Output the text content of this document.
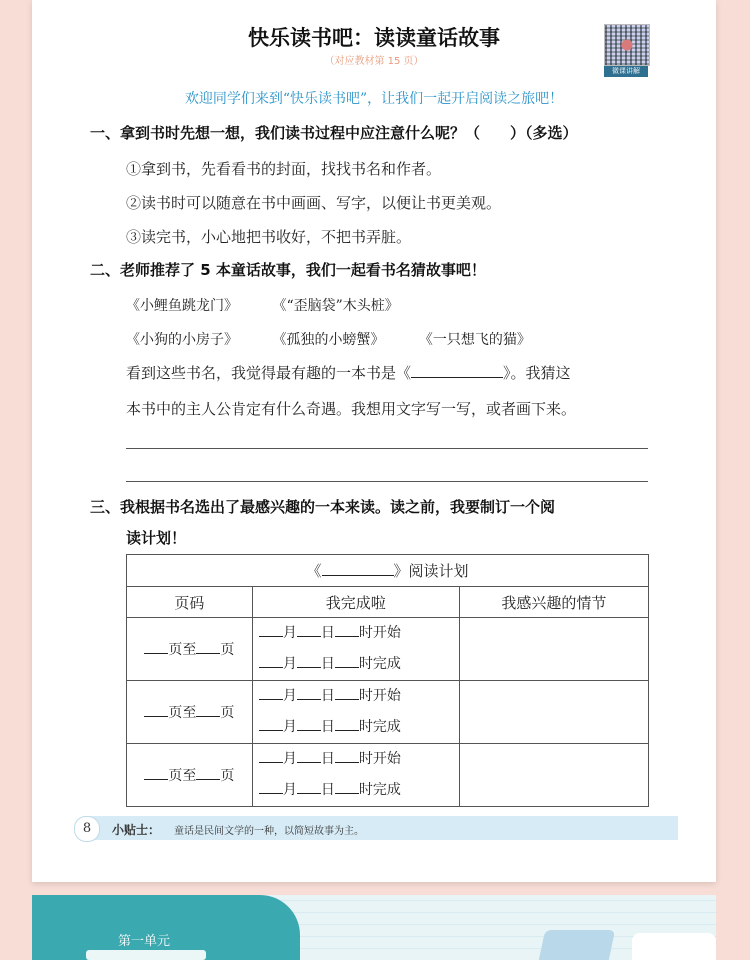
快乐读书吧：读读童话故事
（对应教材第 15 页）
微课讲解
欢迎同学们来到“快乐读书吧”，让我们一起开启阅读之旅吧！
一、拿到书时先想一想，我们读书过程中应注意什么呢？（　　）（多选）
①拿到书，先看看书的封面，找找书名和作者。
②读书时可以随意在书中画画、写字，以便让书更美观。
③读完书，小心地把书收好，不把书弄脏。
二、老师推荐了 5 本童话故事，我们一起看书名猜故事吧！
《小鲤鱼跳龙门》 《“歪脑袋”木头桩》
《小狗的小房子》 《孤独的小螃蟹》 《一只想飞的猫》
看到这些书名，我觉得最有趣的一本书是《	》。我猜这
本书中的主人公肯定有什么奇遇。我想用文字写一写，或者画下来。
三、我根据书名选出了最感兴趣的一本来读。读之前，我要制订一个阅
读计划！
《 》阅读计划		
页码	我完成啦	我感兴趣的情节
页至 页	月 日 时开始
月 日 时完成	

页至 页	月 日 时开始
月 日 时完成	

页至 页	月 日 时开始
月 日 时完成	

8	小贴士： 童话是民间文学的一种，以简短故事为主。
第一单元
